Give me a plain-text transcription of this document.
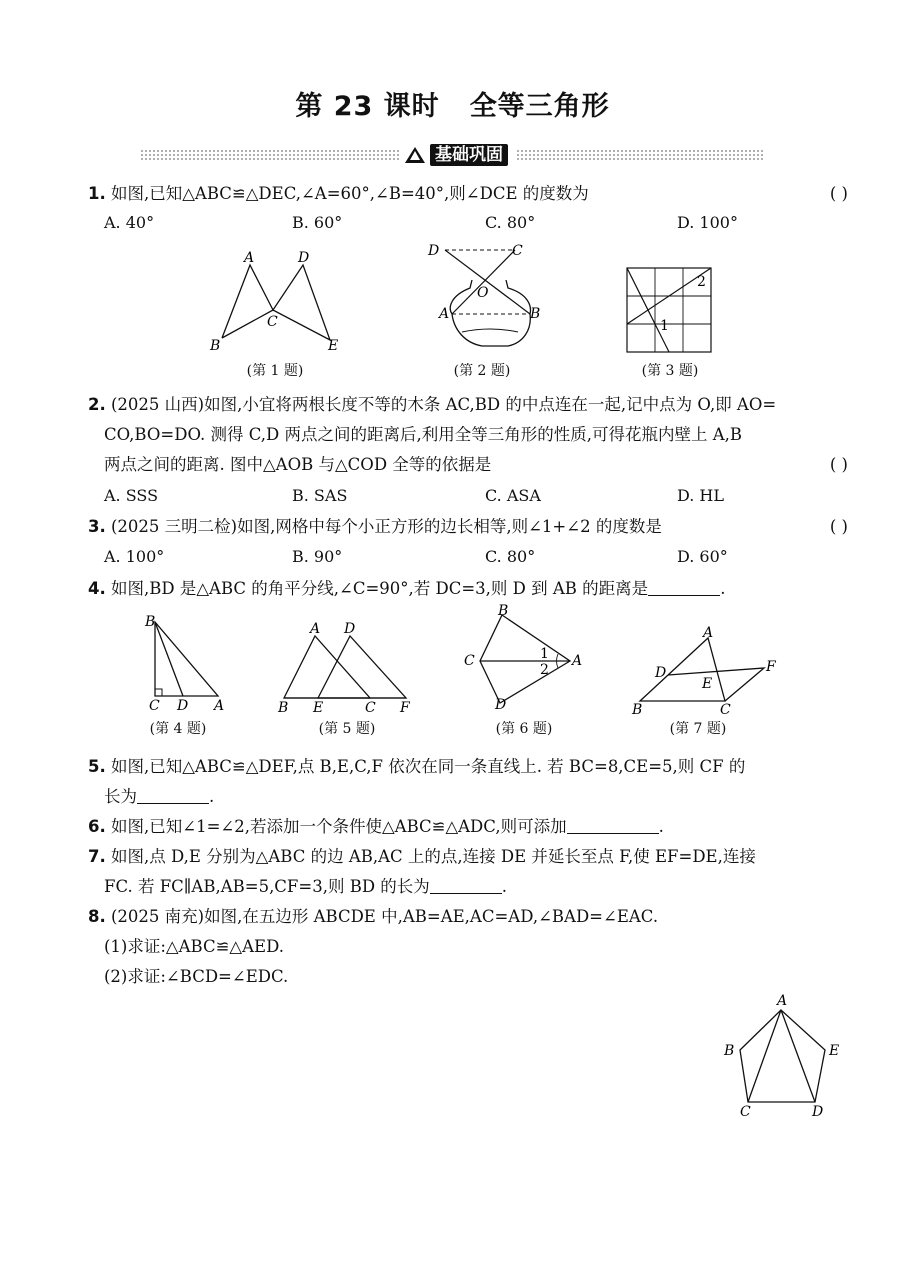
第 23 课时 全等三角形
基础巩固
1. 如图,已知△ABC≌△DEC,∠A=60°,∠B=40°,则∠DCE 的度数为	( )
A. 40°	B. 60°	C. 80°	D. 100°
A
B
C
D
E
(第 1 题)
D	C
O
A	B
(第 2 题)
1
2
(第 3 题)
2. (2025 山西)如图,小宜将两根长度不等的木条 AC,BD 的中点连在一起,记中点为 O,即 AO=
CO,BO=DO. 测得 C,D 两点之间的距离后,利用全等三角形的性质,可得花瓶内壁上 A,B
两点之间的距离. 图中△AOB 与△COD 全等的依据是	( )
A. SSS	B. SAS	C. ASA	D. HL
3. (2025 三明二检)如图,网格中每个小正方形的边长相等,则∠1+∠2 的度数是	( )
A. 100°	B. 90°	C. 80°	D. 60°
4. 如图,BD 是△ABC 的角平分线,∠C=90°,若 DC=3,则 D 到 AB 的距离是	.
B
C D A
(第 4 题)
A D
B E	C F
(第 5 题)
B
C	A
D
1
2
(第 6 题)
A
D
E
F
B	C
(第 7 题)
5. 如图,已知△ABC≌△DEF,点 B,E,C,F 依次在同一条直线上. 若 BC=8,CE=5,则 CF 的
长为	.
6. 如图,已知∠1=∠2,若添加一个条件使△ABC≌△ADC,则可添加	.
7. 如图,点 D,E 分别为△ABC 的边 AB,AC 上的点,连接 DE 并延长至点 F,使 EF=DE,连接
FC. 若 FC∥AB,AB=5,CF=3,则 BD 的长为	.
8. (2025 南充)如图,在五边形 ABCDE 中,AB=AE,AC=AD,∠BAD=∠EAC.
(1)求证:△ABC≌△AED.
(2)求证:∠BCD=∠EDC.
A
B	E
C	D
